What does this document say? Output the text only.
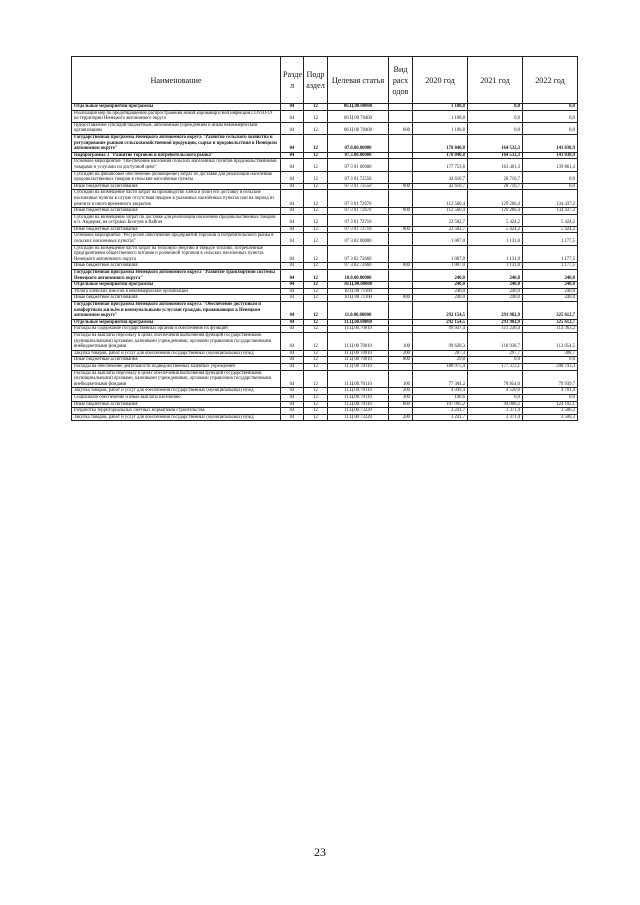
Наименование	Разде л	Подр аздел	Целевая статья	Вид расх одов	2020 год	2021 год	2022 год
Отдельные мероприятия программы	04	12	06.Ц.00.00000		1 108,8	0,0	0,0
Реализация мер по предотвращению распространения новой коронавирусной инфекции COVID-19 на территории Ненецкого автономного округа	04	12	06 Ц 00 70400		1 108,8	0,0	0,0
Предоставление субсидий бюджетным, автономным учреждениям и иным некоммерческим организациям	04	12	06 Ц 00 70400	600	1 108,8	0,0	0,0
Государственная программа Ненецкого автономного округа "Развитие сельского хозяйства и регулирование рынков сельскохозяйственной продукции, сырья и продовольствия в Ненецком автономном округе"	04	12	07.0.00.00000		178 840,8	164 532,3	141 038,9
Подпрограмма 3 "Развитие торговли и потребительского рынка"	04	12	07.3.00.00000		178 840,8	164 532,3	141 038,9
Основное мероприятие "Обеспечение населения сельских населенных пунктов продовольственными товарами и услугами по доступной цене"	04	12	07 3 01 00000		177 753,8	163 401,3	139 861,4
Субсидии на финансовое обеспечение (возмещение) затрат по доставке для реализации населению продовольственных товаров в сельские населённые пункты	04	12	07 3 01 72550		42 610,7	28 710,7	0,0
Иные бюджетные ассигнования	04	12	07 3 01 72550	800	42 610,7	28 710,7	0,0
Субсидии на возмещение части затрат на производство хлеба и (или) его доставку в сельские населенные пункты в случае отсутствия пекарен в указанных населённых пунктах или на период их ремонта и иного временного закрытия	04	12	07 3 01 72670		112 560,4	129 266,4	134 437,2
Иные бюджетные ассигнования	04	12	07 3 01 72670	800	112 560,4	129 266,4	134 437,2
Субсидии на возмещение затрат по доставке для реализации населению продовольственных товаров в п. Амдерма, на островах Колгуев и Вайгач	04	12	07 3 01 72710		22 582,7	5 424,2	5 424,2
Иные бюджетные ассигнования	04	12	07 3 01 72710	800	22 582,7	5 424,2	5 424,2
Основное мероприятие "Ресурсное обеспечение предприятий торговли и потребительского рынка в сельских населенных пунктах"	04	12	07 3 02 00000		1 087,0	1 131,0	1 177,5
Субсидии на возмещение части затрат на тепловую энергию и твёрдое топливо, потребленные предприятиями общественного питания и розничной торговли в сельских населенных пунктах Ненецкого автономного округа	04	12	07 3 02 72660		1 087,0	1 131,0	1 177,5
Иные бюджетные ассигнования	04	12	07 3 02 72660	800	1 087,0	1 131,0	1 177,5
Государственная программа Ненецкого автономного округа "Развитие транспортной системы Ненецкого автономного округа"	04	12	10.0.00.00000		240,0	240,0	240,0
Отдельные мероприятия программы	04	12	10.Ц.00.00000		240,0	240,0	240,0
Уплата членских взносов в некоммерческие организации	04	12	10 Ц 00 71160		240,0	240,0	240,0
Иные бюджетные ассигнования	04	12	10 Ц 00 71160	800	240,0	240,0	240,0
Государственная программа Ненецкого автономного округа "Обеспечение доступным и комфортным жильём и коммунальными услугами граждан, проживающих в Ненецком автономном округе"	04	12	11.0.00.00000		292 154,5	291 982,9	325 612,7
Отдельные мероприятия программы	04	12	11.Ц.00.00000		292 154,5	291 982,9	325 612,7
Расходы на содержание государственных органов и обеспечение их функций	04	12	11.Ц.00.70010		99 937,4	111 236,4	113 363,2
Расходы на выплаты персоналу в целях обеспечения выполнения функций государственными (муниципальными) органами, казенными учреждениями, органами управления государственными внебюджетными фондами	04	12	11 Ц 00 70010	100	99 620,3	110 938,7	113 054,5
Закупка товаров, работ и услуг для обеспечения государственных (муниципальных) нужд	04	12	11 Ц 00 70010	200	287,3	297,7	308,7
Иные бюджетные ассигнования	04	12	11 Ц 00 70010	800	29,8	0,0	0,0
Расходы на обеспечение деятельности подведомственных казенных учреждений	04	12	11 Ц 00 70110		188 975,4	177 375,1	208 743,3
Расходы на выплаты персоналу в целях обеспечения выполнения функций государственными (муниципальными) органами, казенными учреждениями, органами управления государственными внебюджетными фондами	04	12	11.Ц.00.70110	100	77 384,2	78 854,0	79 939,7
Закупка товаров, работ и услуг для обеспечения государственных (муниципальных) нужд	04	12	11.Ц.00.70110	200	4 349,4	4 520,9	4 701,4
Социальное обеспечение и иные выплаты населению	04	12	11.Ц.00.70110	300	146,6	0,0	0,0
Иные бюджетные ассигнования	04	12	11.Ц.00.70110	800	107 095,2	94 000,2	124 102,1
Разработка территориальных сметных нормативов строительства	04	12	11.Ц.00.73220		3 241,7	3 371,4	3 506,3
Закупка товаров, работ и услуг для обеспечения государственных (муниципальных) нужд	04	12	11 Ц 00 73220	200	3 241,7	3 371,4	3 506,3
23
